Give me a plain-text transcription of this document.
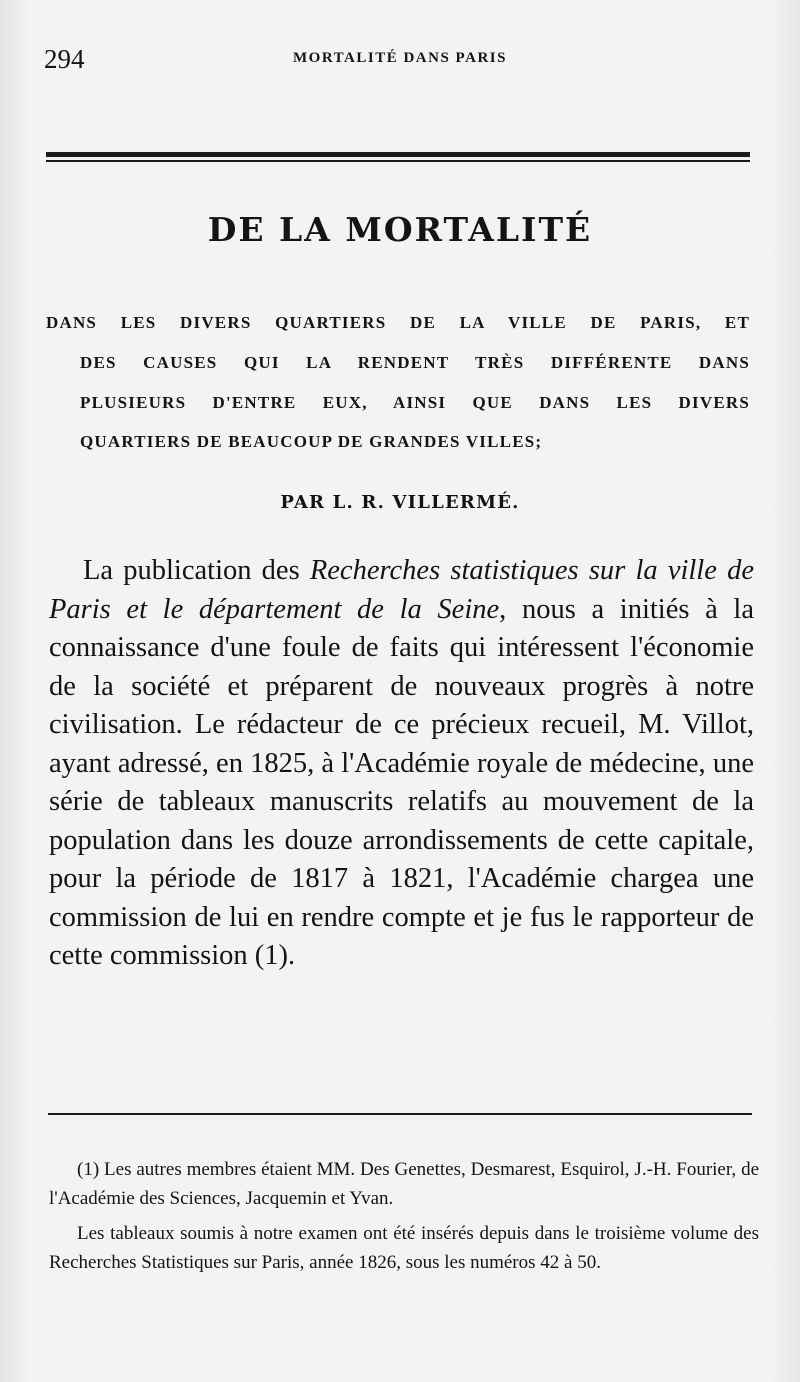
294	MORTALITÉ DANS PARIS
DE LA MORTALITÉ
DANS LES DIVERS QUARTIERS DE LA VILLE DE PARIS, ET
DES CAUSES QUI LA RENDENT TRÈS DIFFÉRENTE DANS
PLUSIEURS D'ENTRE EUX, AINSI QUE DANS LES DIVERS
QUARTIERS DE BEAUCOUP DE GRANDES VILLES;
PAR L. R. VILLERMÉ.

La publication des Recherches statistiques sur la ville de Paris et le département de la Seine, nous a initiés à la connaissance d'une foule de faits qui intéressent l'économie de la société et préparent de nouveaux progrès à notre civilisation. Le rédacteur de ce précieux recueil, M. Villot, ayant adressé, en 1825, à l'Académie royale de médecine, une série de tableaux manuscrits relatifs au mouvement de la population dans les douze arrondissements de cette capitale, pour la période de 1817 à 1821, l'Académie chargea une commission de lui en rendre compte et je fus le rapporteur de cette commission (1).

(1) Les autres membres étaient MM. Des Genettes, Desmarest, Esquirol, J.-H. Fourier, de l'Académie des Sciences, Jacquemin et Yvan.

Les tableaux soumis à notre examen ont été insérés depuis dans le troisième volume des Recherches Statistiques sur Paris, année 1826, sous les numéros 42 à 50.
